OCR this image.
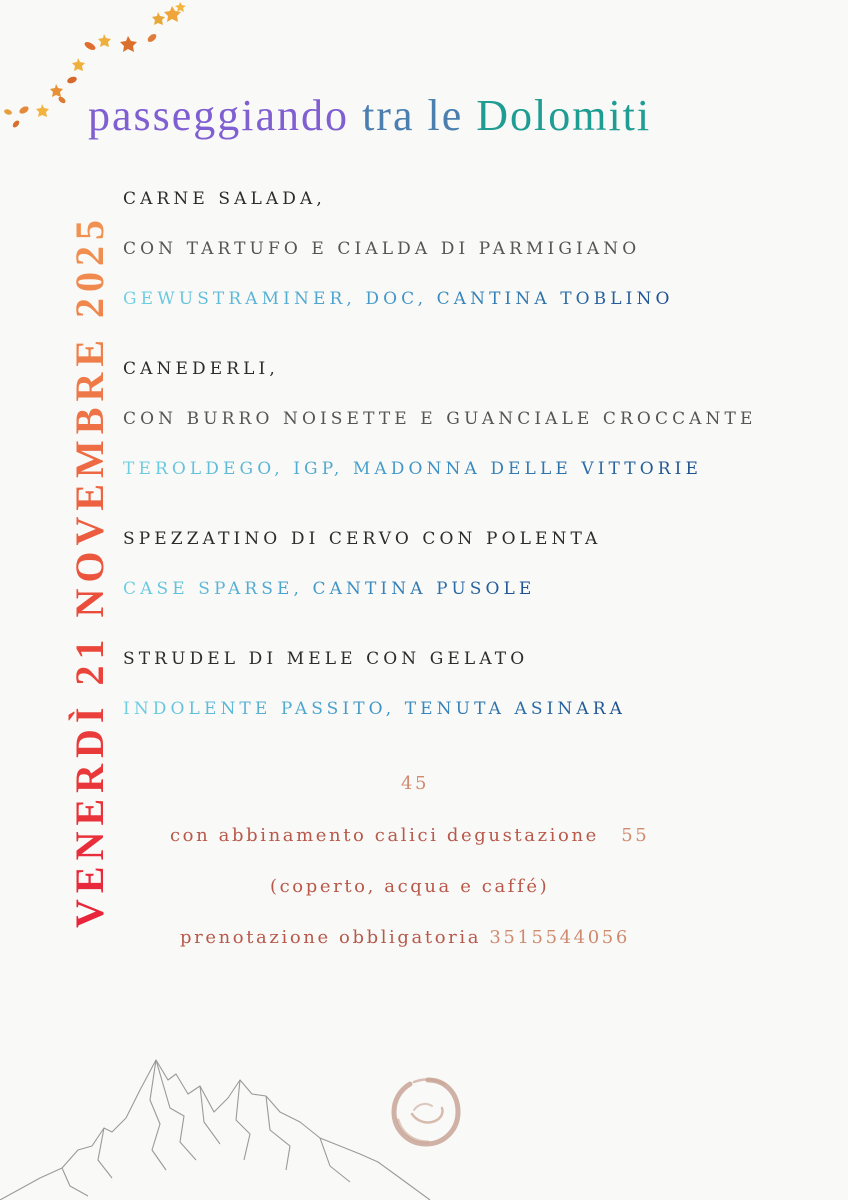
passeggiando tra le Dolomiti
VENERDÌ 21 NOVEMBRE 2025
CARNE SALADA,
CON TARTUFO E CIALDA DI PARMIGIANO
GEWUSTRAMINER, DOC, CANTINA TOBLINO
CANEDERLI,
CON BURRO NOISETTE E GUANCIALE CROCCANTE
TEROLDEGO, IGP, MADONNA DELLE VITTORIE
SPEZZATINO DI CERVO CON POLENTA
CASE SPARSE, CANTINA PUSOLE
STRUDEL DI MELE CON GELATO
INDOLENTE PASSITO, TENUTA ASINARA
45
con abbinamento calici degustazione 55
(coperto, acqua e caffé)
prenotazione obbligatoria 3515544056
